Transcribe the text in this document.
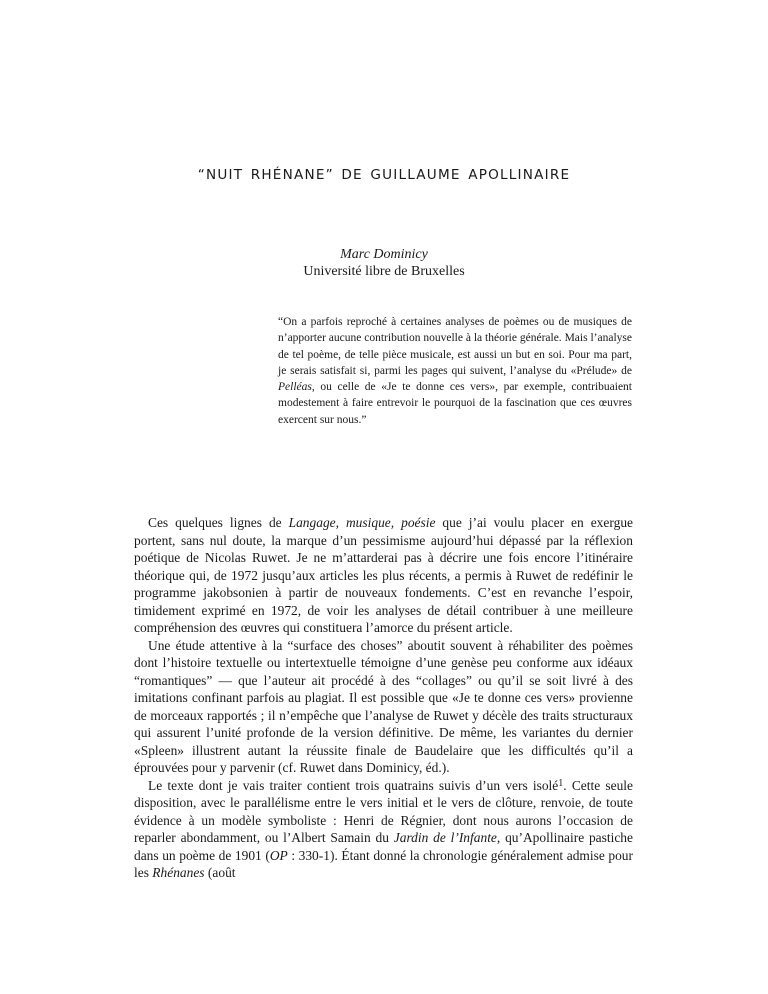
“NUIT RHÉNANE” DE GUILLAUME APOLLINAIRE
Marc Dominicy
Université libre de Bruxelles

“On a parfois reproché à certaines analyses de poèmes ou de musiques de n’apporter aucune contribution nouvelle à la théorie générale. Mais l’analyse de tel poème, de telle pièce musicale, est aussi un but en soi. Pour ma part, je serais satisfait si, parmi les pages qui suivent, l’analyse du «Prélude» de Pelléas, ou celle de «Je te donne ces vers», par exemple, contribuaient modestement à faire entrevoir le pourquoi de la fascination que ces œuvres exercent sur nous.”

Ces quelques lignes de Langage, musique, poésie que j’ai voulu placer en exergue portent, sans nul doute, la marque d’un pessimisme aujourd’hui dépassé par la réflexion poétique de Nicolas Ruwet. Je ne m’attarderai pas à décrire une fois encore l’itinéraire théorique qui, de 1972 jusqu’aux articles les plus récents, a permis à Ruwet de redéfinir le programme jakobsonien à partir de nouveaux fondements. C’est en revanche l’espoir, timidement exprimé en 1972, de voir les analyses de détail contribuer à une meilleure compréhension des œuvres qui constituera l’amorce du présent article.

Une étude attentive à la “surface des choses” aboutit souvent à réhabiliter des poèmes dont l’histoire textuelle ou intertextuelle témoigne d’une genèse peu conforme aux idéaux “romantiques” — que l’auteur ait procédé à des “collages” ou qu’il se soit livré à des imitations confinant parfois au plagiat. Il est possible que «Je te donne ces vers» provienne de morceaux rapportés ; il n’empêche que l’analyse de Ruwet y décèle des traits structuraux qui assurent l’unité profonde de la version définitive. De même, les variantes du dernier «Spleen» illustrent autant la réussite finale de Baudelaire que les difficultés qu’il a éprouvées pour y parvenir (cf. Ruwet dans Dominicy, éd.).

Le texte dont je vais traiter contient trois quatrains suivis d’un vers isolé$^1$. Cette seule disposition, avec le parallélisme entre le vers initial et le vers de clôture, renvoie, de toute évidence à un modèle symboliste : Henri de Régnier, dont nous aurons l’occasion de reparler abondamment, ou l’Albert Samain du Jardin de l’Infante, qu’Apollinaire pastiche dans un poème de 1901 (OP : 330-1). Étant donné la chronologie généralement admise pour les Rhénanes (août
